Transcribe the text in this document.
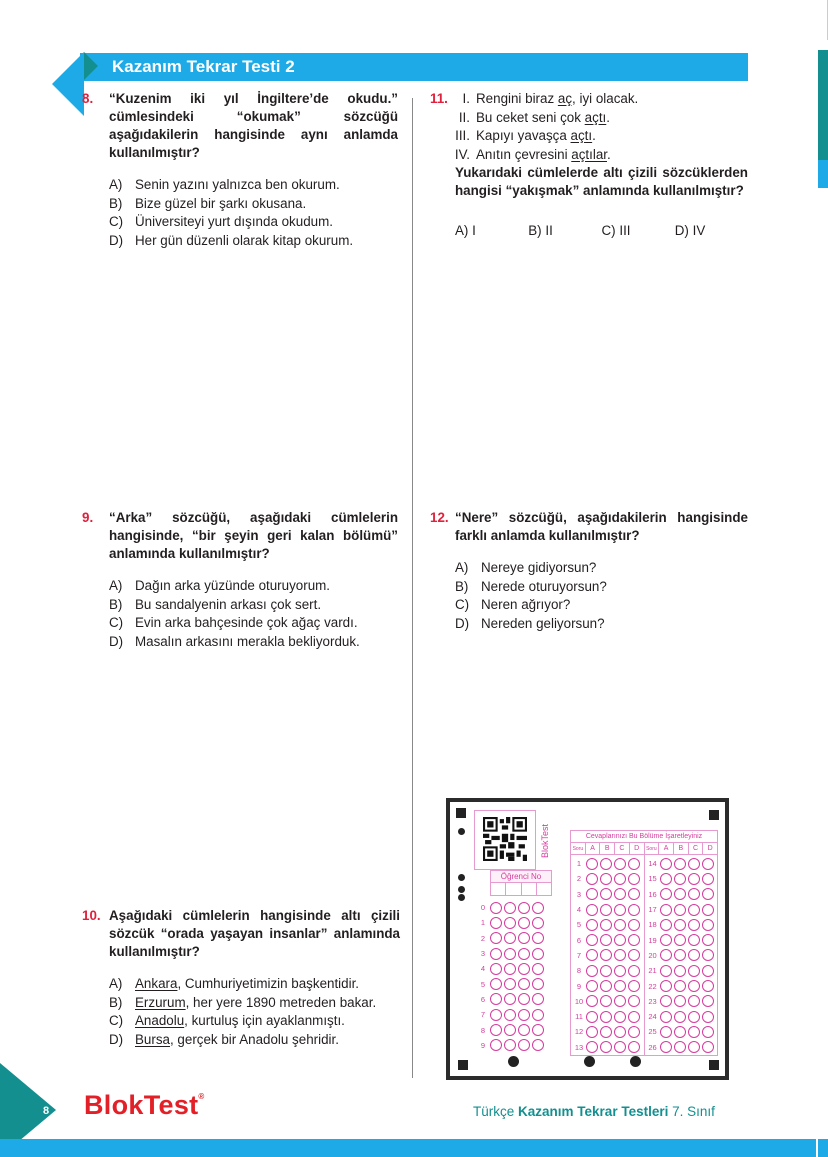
Kazanım Tekrar Testi 2
8. “Kuzenim iki yıl İngiltere’de okudu.” cümlesindeki “okumak” sözcüğü aşağıdakilerin hangisinde aynı anlamda kullanılmıştır?
A) Senin yazını yalnızca ben okurum.
B) Bize güzel bir şarkı okusana.
C) Üniversiteyi yurt dışında okudum.
D) Her gün düzenli olarak kitap okurum.
11.	I. Rengini biraz aç, iyi olacak.
II. Bu ceket seni çok açtı.
III. Kapıyı yavaşça açtı.
IV. Anıtın çevresini açtılar.
Yukarıdaki cümlelerde altı çizili sözcüklerden hangisi “yakışmak” anlamında kullanılmıştır?
A) I	B) II	C) III	D) IV
9. “Arka” sözcüğü, aşağıdaki cümlelerin hangisinde, “bir şeyin geri kalan bölümü” anlamında kullanılmıştır?
A) Dağın arka yüzünde oturuyorum.
B) Bu sandalyenin arkası çok sert.
C) Evin arka bahçesinde çok ağaç vardı.
D) Masalın arkasını merakla bekliyorduk.
12. “Nere” sözcüğü, aşağıdakilerin hangisinde farklı anlamda kullanılmıştır?
A) Nereye gidiyorsun?
B) Nerede oturuyorsun?
C) Neren ağrıyor?
D) Nereden geliyorsun?
10. Aşağıdaki cümlelerin hangisinde altı çizili sözcük “orada yaşayan insanlar” anlamında kullanılmıştır?
A) Ankara, Cumhuriyetimizin başkentidir.
B) Erzurum, her yere 1890 metreden bakar.
C) Anadolu, kurtuluş için ayaklanmıştı.
D) Bursa, gerçek bir Anadolu şehridir.
BlokTest
Öğrenci No
0
1
2
3
4
5
6
7
8
9
Cevaplarınızı Bu Bölüme İşaretleyiniz
Soru	A	B	C	D	Soru	A	B	C	D
1
2
3
4
5
6
7
8
9
10
11
12
13
14
15
16
17
18
19
20
21
22
23
24
25
26
8 BlokTest®
Türkçe Kazanım Tekrar Testleri 7. Sınıf
